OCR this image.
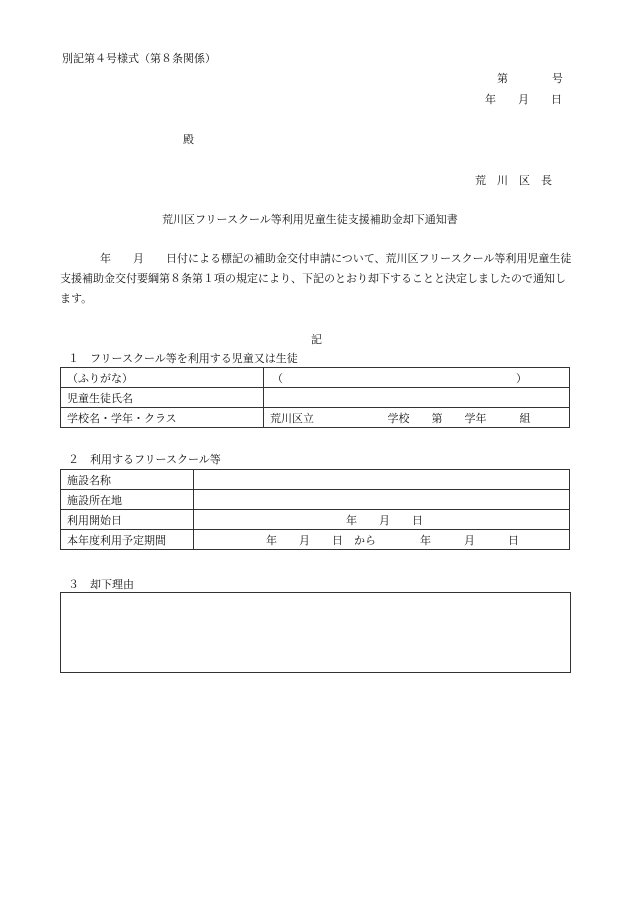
別記第４号様式（第８条関係）
第　　　　号
年　　月　　日
殿
荒　川　区　長
荒川区フリースクール等利用児童生徒支援補助金却下通知書
年　　月　　日付による標記の補助金交付申請について、荒川区フリースクール等利用児童生徒支援補助金交付要綱第８条第１項の規定により、下記のとおり却下することと決定しましたので通知します。
記
１　フリースクール等を利用する児童又は生徒
（ふりがな）	（ ）

児童生徒氏名	
学校名・学年・クラス	荒川区立 学校　　第　　学年　　　組
２　利用するフリースクール等
施設名称	
施設所在地	
利用開始日	年　　月　　日
本年度利用予定期間	年　　月　　日　から　　　　年　　　月　　　日
３　却下理由
